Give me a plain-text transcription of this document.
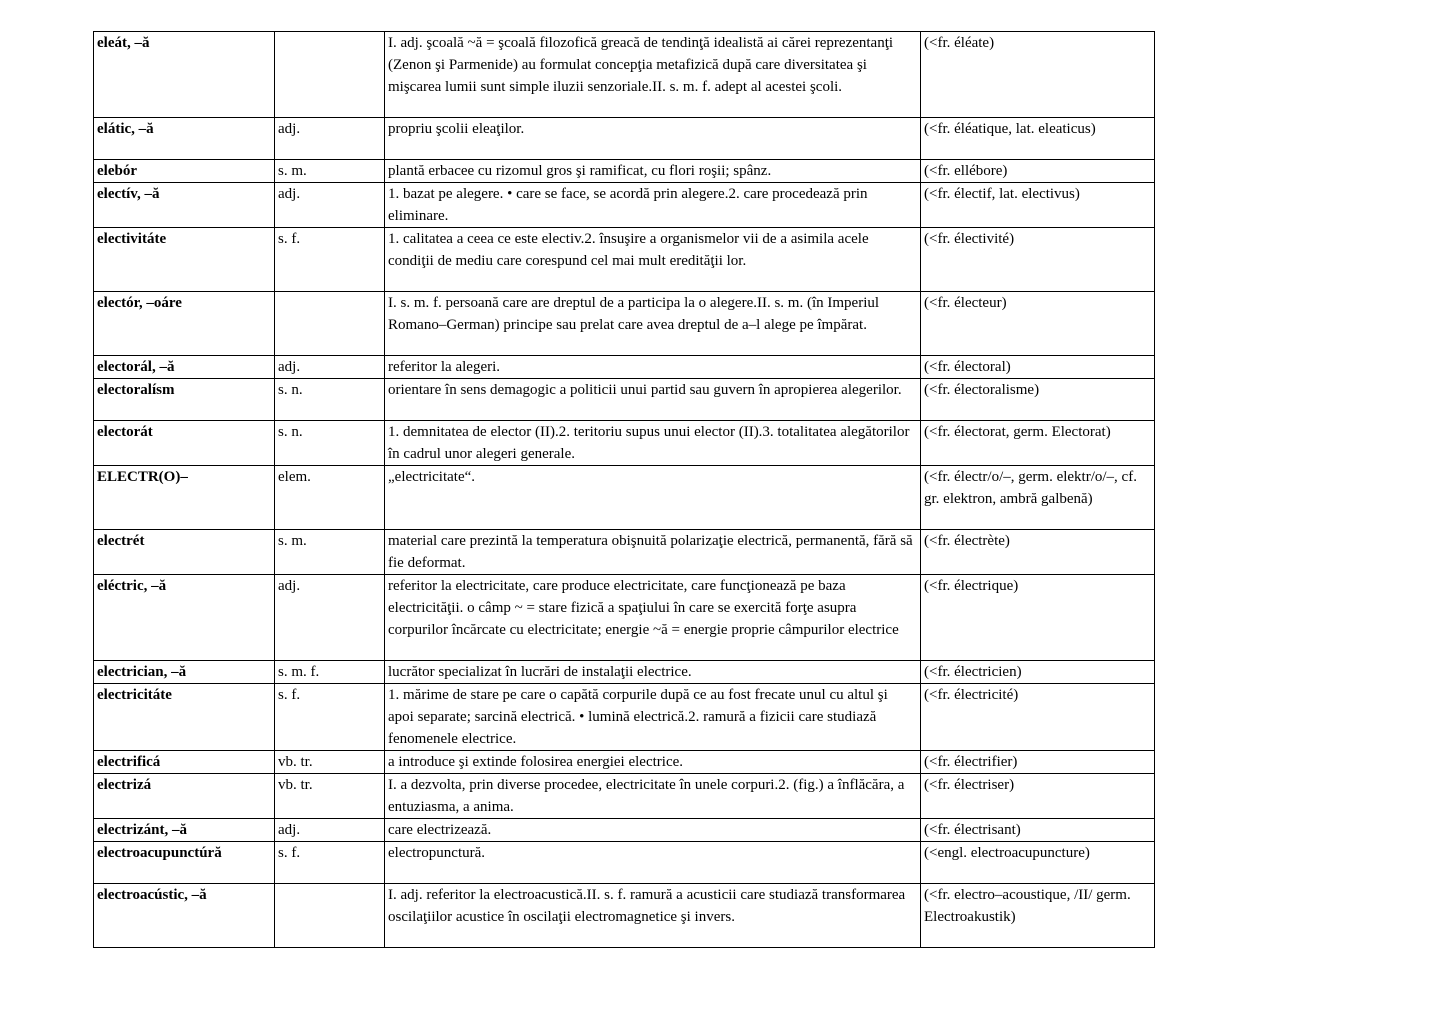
eleát, –ă		I. adj. şcoală ~ă = şcoală filozofică greacă de tendinţă idealistă ai cărei reprezentanţi (Zenon şi Parmenide) au formulat concepţia metafizică după care diversitatea şi mişcarea lumii sunt simple iluzii senzoriale.II. s. m. f. adept al acestei şcoli.	(<fr. éléate)
elátic, –ă	adj.	propriu şcolii eleaţilor.	(<fr. éléatique, lat. eleaticus)
elebór	s. m.	plantă erbacee cu rizomul gros şi ramificat, cu flori roşii; spânz.	(<fr. ellébore)
electív, –ă	adj.	1. bazat pe alegere. • care se face, se acordă prin alegere.2. care procedează prin eliminare.	(<fr. électif, lat. electivus)
electivitáte	s. f.	1. calitatea a ceea ce este electiv.2. însuşire a organismelor vii de a asimila acele condiţii de mediu care corespund cel mai mult eredităţii lor.	(<fr. électivité)
electór, –oáre		I. s. m. f. persoană care are dreptul de a participa la o alegere.II. s. m. (în Imperiul Romano–German) principe sau prelat care avea dreptul de a–l alege pe împărat.	(<fr. électeur)
electorál, –ă	adj.	referitor la alegeri.	(<fr. électoral)
electoralísm	s. n.	orientare în sens demagogic a politicii unui partid sau guvern în apropierea alegerilor.	(<fr. électoralisme)
electorát	s. n.	1. demnitatea de elector (II).2. teritoriu supus unui elector (II).3. totalitatea alegătorilor în cadrul unor alegeri generale.	(<fr. électorat, germ. Electorat)
ELECTR(O)–	elem.	„electricitate“.	(<fr. électr/o/–, germ. elektr/o/–, cf. gr. elektron, ambră galbenă)
electrét	s. m.	material care prezintă la temperatura obişnuită polarizaţie electrică, permanentă, fără să fie deformat.	(<fr. électrète)
eléctric, –ă	adj.	referitor la electricitate, care produce electricitate, care funcţionează pe baza electricităţii. o câmp ~ = stare fizică a spaţiului în care se exercită forţe asupra corpurilor încărcate cu electricitate; energie ~ă = energie proprie câmpurilor electrice	(<fr. électrique)
electrician, –ă	s. m. f.	lucrător specializat în lucrări de instalaţii electrice.	(<fr. électricien)
electricitáte	s. f.	1. mărime de stare pe care o capătă corpurile după ce au fost frecate unul cu altul şi apoi separate; sarcină electrică. • lumină electrică.2. ramură a fizicii care studiază fenomenele electrice.	(<fr. électricité)
electrificá	vb. tr.	a introduce şi extinde folosirea energiei electrice.	(<fr. électrifier)
electrizá	vb. tr.	I. a dezvolta, prin diverse procedee, electricitate în unele corpuri.2. (fig.) a înflăcăra, a entuziasma, a anima.	(<fr. électriser)
electrizánt, –ă	adj.	care electrizează.	(<fr. électrisant)
electroacupunctúră	s. f.	electropunctură.	(<engl. electroacupuncture)
electroacústic, –ă		I. adj. referitor la electroacustică.II. s. f. ramură a acusticii care studiază transformarea oscilaţiilor acustice în oscilaţii electromagnetice şi invers.	(<fr. electro–acoustique, /II/ germ. Electroakustik)
